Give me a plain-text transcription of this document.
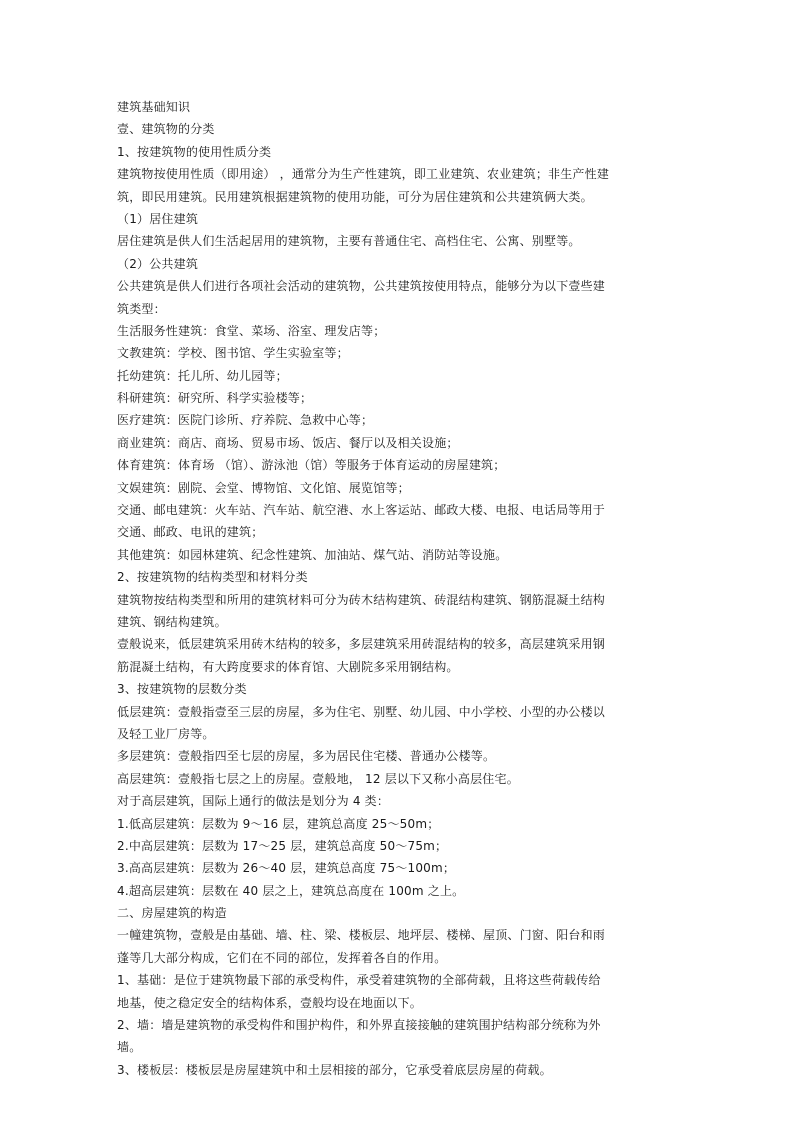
建筑基础知识
壹、建筑物的分类
1、按建筑物的使用性质分类
建筑物按使用性质（即用途） ，通常分为生产性建筑，即工业建筑、农业建筑；非生产性建
筑，即民用建筑。民用建筑根据建筑物的使用功能，可分为居住建筑和公共建筑俩大类。
（1）居住建筑
居住建筑是供人们生活起居用的建筑物，主要有普通住宅、高档住宅、公寓、别墅等。
（2）公共建筑
公共建筑是供人们进行各项社会活动的建筑物，公共建筑按使用特点，能够分为以下壹些建
筑类型：
生活服务性建筑：食堂、菜场、浴室、理发店等；
文教建筑：学校、图书馆、学生实验室等；
托幼建筑：托儿所、幼儿园等；
科研建筑：研究所、科学实验楼等；
医疗建筑：医院门诊所、疗养院、急救中心等；
商业建筑：商店、商场、贸易市场、饭店、餐厅以及相关设施；
体育建筑：体育场 （馆）、游泳池（馆）等服务于体育运动的房屋建筑；
文娱建筑：剧院、会堂、博物馆、文化馆、展览馆等；
交通、邮电建筑：火车站、汽车站、航空港、水上客运站、邮政大楼、电报、电话局等用于
交通、邮政、电讯的建筑；
其他建筑：如园林建筑、纪念性建筑、加油站、煤气站、消防站等设施。
2、按建筑物的结构类型和材料分类
建筑物按结构类型和所用的建筑材料可分为砖木结构建筑、砖混结构建筑、钢筋混凝土结构
建筑、钢结构建筑。
壹般说来，低层建筑采用砖木结构的较多，多层建筑采用砖混结构的较多，高层建筑采用钢
筋混凝土结构，有大跨度要求的体育馆、大剧院多采用钢结构。
3、按建筑物的层数分类
低层建筑：壹般指壹至三层的房屋，多为住宅、别墅、幼儿园、中小学校、小型的办公楼以
及轻工业厂房等。
多层建筑：壹般指四至七层的房屋，多为居民住宅楼、普通办公楼等。
高层建筑：壹般指七层之上的房屋。壹般地， 12 层以下又称小高层住宅。
对于高层建筑，国际上通行的做法是划分为 4 类：
1.低高层建筑：层数为 9～16 层，建筑总高度 25～50m；
2.中高层建筑：层数为 17～25 层，建筑总高度 50～75m；
3.高高层建筑：层数为 26～40 层，建筑总高度 75～100m；
4.超高层建筑：层数在 40 层之上，建筑总高度在 100m 之上。
二、房屋建筑的构造
一幢建筑物，壹般是由基础、墙、柱、梁、楼板层、地坪层、楼梯、屋顶、门窗、阳台和雨
蓬等几大部分构成，它们在不同的部位，发挥着各自的作用。
1、基础：是位于建筑物最下部的承受构件，承受着建筑物的全部荷载，且将这些荷载传给
地基，使之稳定安全的结构体系，壹般均设在地面以下。
2、墙：墙是建筑物的承受构件和围护构件，和外界直接接触的建筑围护结构部分统称为外
墙。
3、楼板层：楼板层是房屋建筑中和土层相接的部分，它承受着底层房屋的荷载。
